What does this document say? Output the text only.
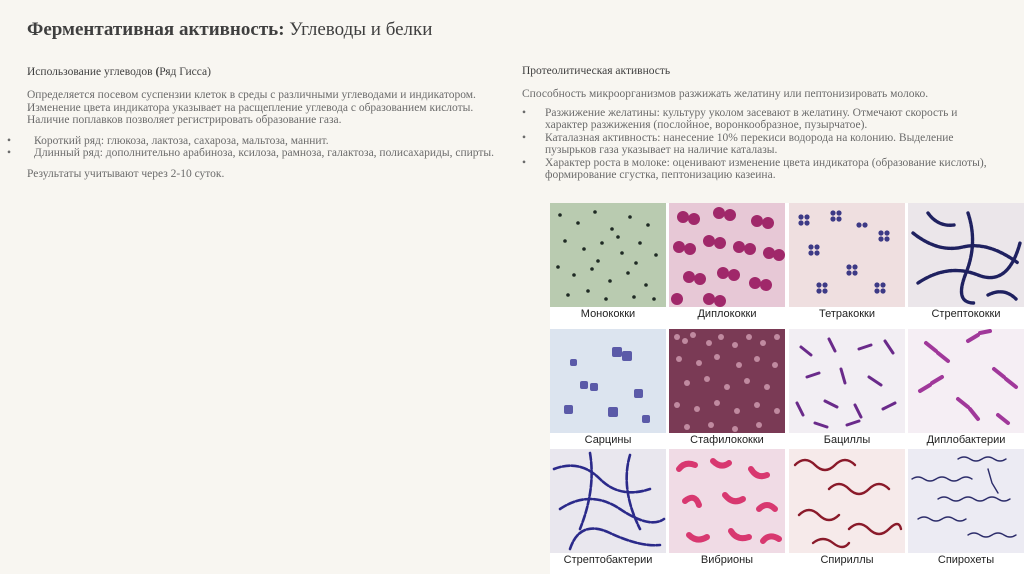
Ферментативная активность: Углеводы и белки

Использование углеводов (Ряд Гисса)

Определяется посевом суспензии клеток в среды с различными углеводами и индикатором. Изменение цвета индикатора указывает на расщепление углевода с образованием кислоты. Наличие поплавков позволяет регистрировать образование газа.

• Короткий ряд: глюкоза, лактоза, сахароза, мальтоза, маннит.
• Длинный ряд: дополнительно арабиноза, ксилоза, рамноза, галактоза, полисахариды, спирты.

Результаты учитывают через 2-10 суток.

Протеолитическая активность

Способность микроорганизмов разжижать желатину или пептонизировать молоко.

• Разжижение желатины: культуру уколом засевают в желатину. Отмечают скорость и характер разжижения (послойное, воронкообразное, пузырчатое).
• Каталазная активность: нанесение 10% перекиси водорода на колонию. Выделение пузырьков газа указывает на наличие каталазы.
• Характер роста в молоке: оценивают изменение цвета индикатора (образование кислоты), формирование сгустка, пептонизацию казеина.
Монококки	Диплококки	Тетракокки	Стрептококки
Сарцины	Стафилококки	Бациллы	Диплобактерии
Стрептобактерии	Вибрионы	Спириллы	Спирохеты
